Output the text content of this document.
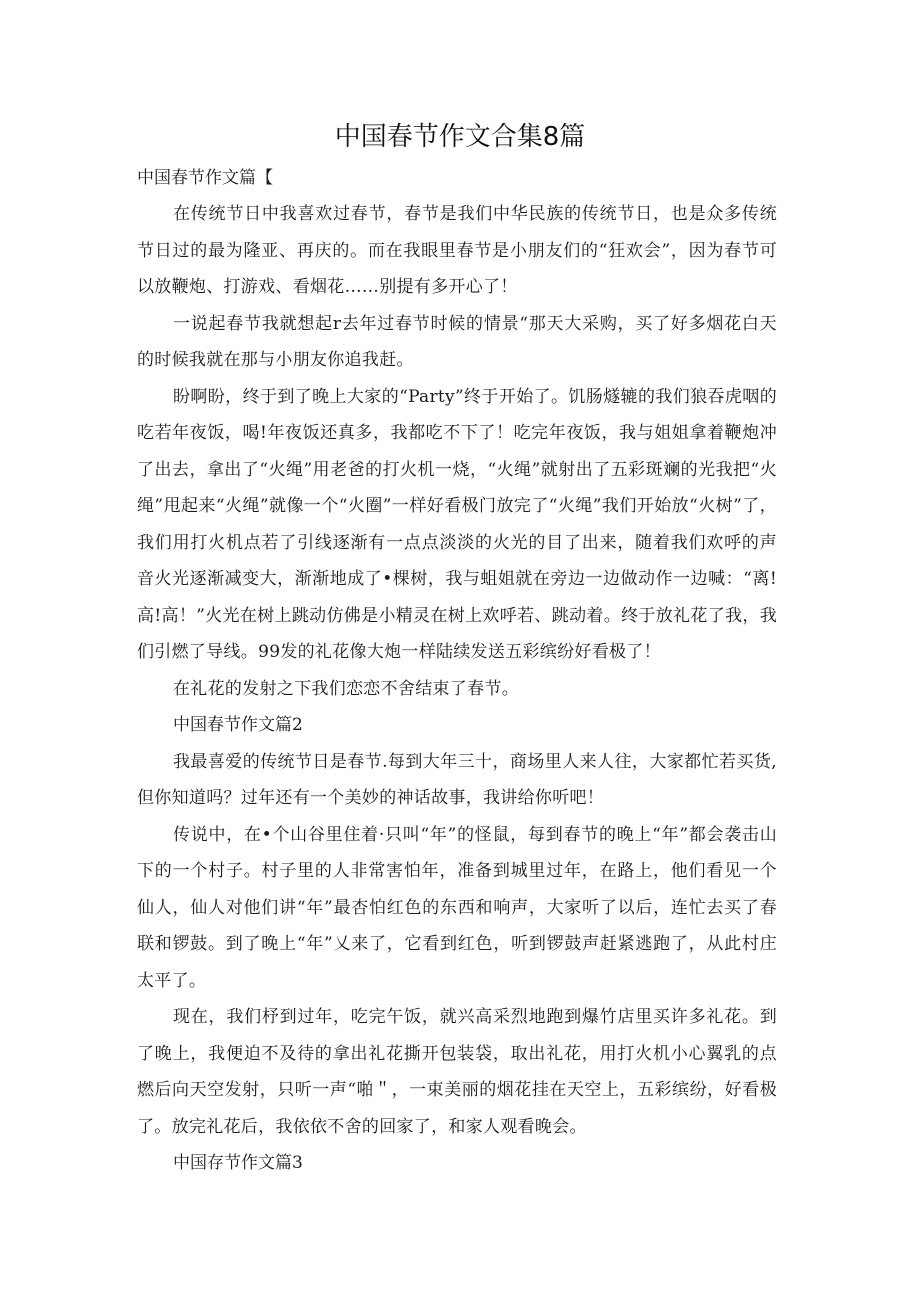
中国春节作文合集8篇
中国春节作文篇【

在传统节日中我喜欢过春节，春节是我们中华民族的传统节日，也是众多传统节日过的最为隆亚、再庆的。而在我眼里春节是小朋友们的“狂欢会”，因为春节可以放鞭炮、打游戏、看烟花……别提有多开心了！

一说起春节我就想起r去年过春节时候的情景“那天大采购，买了好多烟花白天的时候我就在那与小朋友你追我赶。

盼啊盼，终于到了晚上大家的“Party”终于开始了。饥肠燧辘的我们狼吞虎咽的吃若年夜饭，喝!年夜饭还真多，我都吃不下了！吃完年夜饭，我与姐姐拿着鞭炮冲了出去，拿出了“火绳”用老爸的打火机一烧，“火绳”就射出了五彩斑斓的光我把“火绳”甩起来“火绳”就像一个“火圈”一样好看极门放完了“火绳”我们开始放“火树”了，我们用打火机点若了引线逐渐有一点点淡淡的火光的目了出来，随着我们欢呼的声音火光逐渐减变大，渐渐地成了•棵树，我与蛆姐就在旁边一边做动作一边喊：“离!高!高！”火光在树上跳动仿佛是小精灵在树上欢呼若、跳动着。终于放礼花了我，我们引燃了导线。99发的礼花像大炮一样陆续发送五彩缤纷好看极了！

在礼花的发射之下我们恋恋不舍结束了春节。

中国春节作文篇2

我最喜爱的传统节日是春节.每到大年三十，商场里人来人往，大家都忙若买货,但你知道吗？过年还有一个美妙的神话故事，我讲给你听吧！

传说中，在•个山谷里住着·只叫“年”的怪鼠，每到春节的晚上“年”都会袭击山下的一个村子。村子里的人非常害怕年，准备到城里过年，在路上，他们看见一个仙人，仙人对他们讲“年”最杏怕红色的东西和响声，大家听了以后，连忙去买了春联和锣鼓。到了晚上“年”乂来了，它看到红色，听到锣鼓声赶紧逃跑了，从此村庄太平了。

现在，我们杼到过年，吃完午饭，就兴高采烈地跑到爆竹店里买许多礼花。到了晚上，我便迫不及待的拿出礼花撕开包装袋，取出礼花，用打火机小心翼乳的点燃后向天空发射，只听一声“啪＂，一束美丽的烟花挂在天空上，五彩缤纷，好看极了。放完礼花后，我依依不舍的回家了，和家人观看晚会。

中国存节作文篇3
